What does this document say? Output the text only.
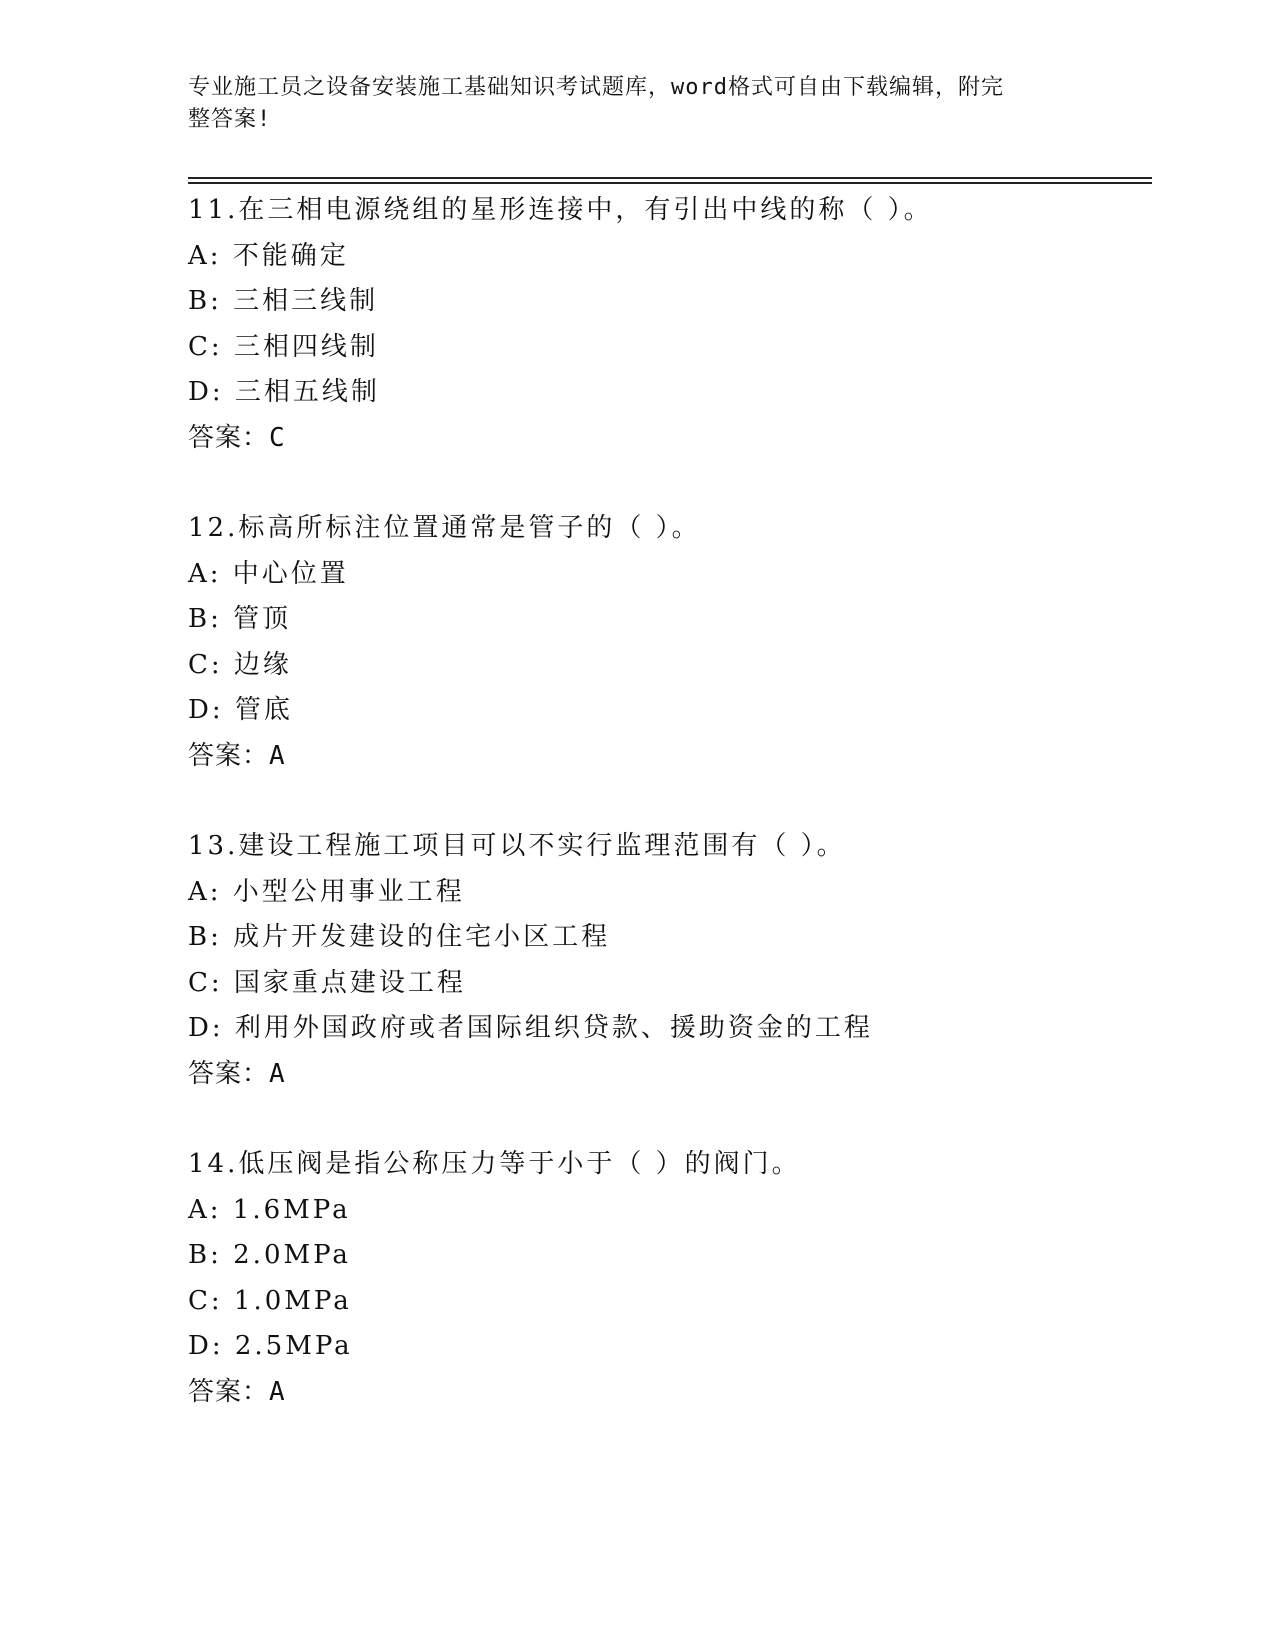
专业施工员之设备安装施工基础知识考试题库，word格式可自由下载编辑，附完
整答案!
11.在三相电源绕组的星形连接中，有引出中线的称（ ）。
A: 不能确定
B: 三相三线制
C: 三相四线制
D: 三相五线制
答案：C
12.标高所标注位置通常是管子的（ ）。
A: 中心位置
B: 管顶
C: 边缘
D: 管底
答案：A
13.建设工程施工项目可以不实行监理范围有（ ）。
A: 小型公用事业工程
B: 成片开发建设的住宅小区工程
C: 国家重点建设工程
D: 利用外国政府或者国际组织贷款、援助资金的工程
答案：A
14.低压阀是指公称压力等于小于（ ）的阀门。
A: 1.6MPa
B: 2.0MPa
C: 1.0MPa
D: 2.5MPa
答案：A
